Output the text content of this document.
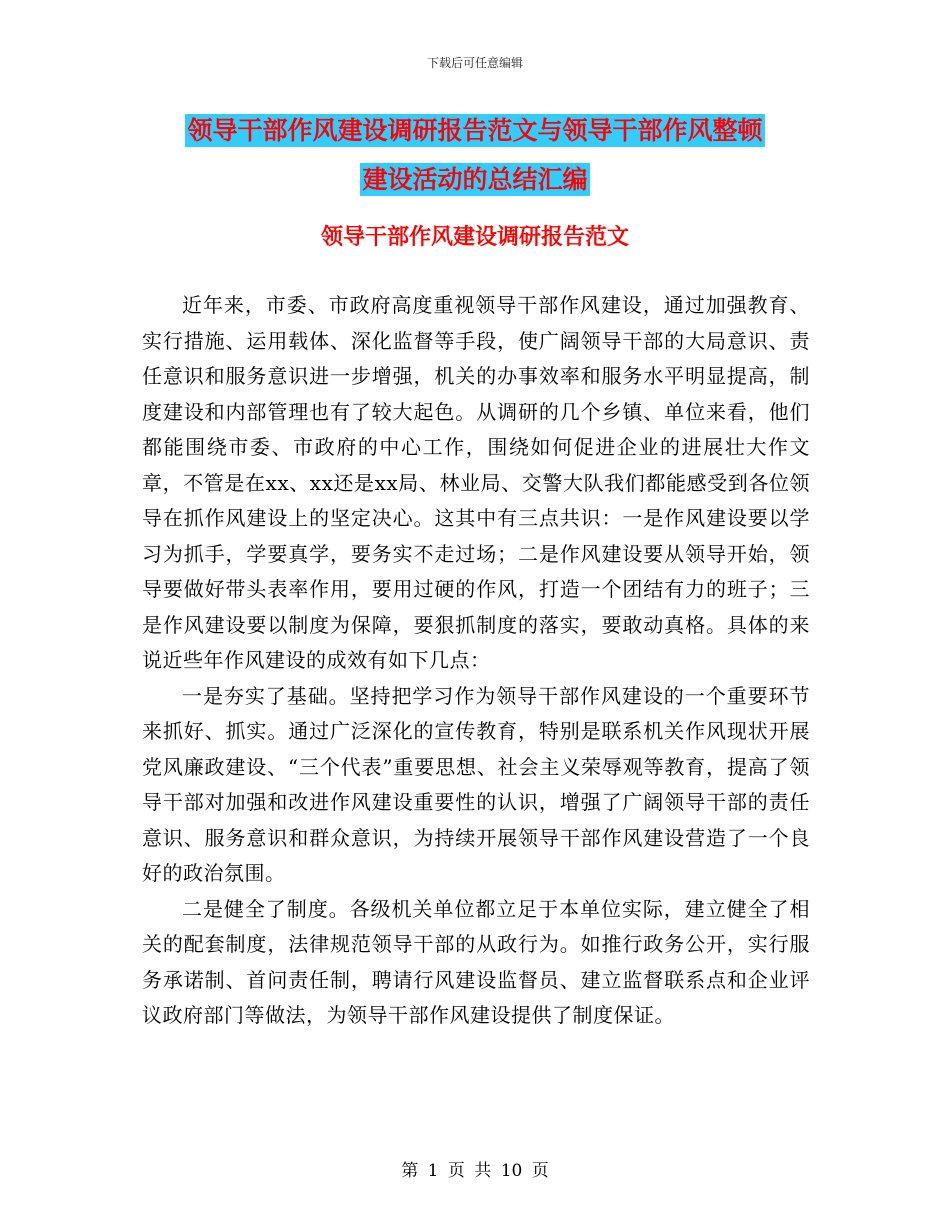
下载后可任意编辑
领导干部作风建设调研报告范文与领导干部作风整顿
建设活动的总结汇编
领导干部作风建设调研报告范文

近年来，市委、市政府高度重视领导干部作风建设，通过加强教育、实行措施、运用载体、深化监督等手段，使广阔领导干部的大局意识、责任意识和服务意识进一步增强，机关的办事效率和服务水平明显提高，制度建设和内部管理也有了较大起色。从调研的几个乡镇、单位来看，他们都能围绕市委、市政府的中心工作，围绕如何促进企业的进展壮大作文章，不管是在xx、xx还是xx局、林业局、交警大队我们都能感受到各位领导在抓作风建设上的坚定决心。这其中有三点共识：一是作风建设要以学习为抓手，学要真学，要务实不走过场；二是作风建设要从领导开始，领导要做好带头表率作用，要用过硬的作风，打造一个团结有力的班子；三是作风建设要以制度为保障，要狠抓制度的落实，要敢动真格。具体的来说近些年作风建设的成效有如下几点：

一是夯实了基础。坚持把学习作为领导干部作风建设的一个重要环节来抓好、抓实。通过广泛深化的宣传教育，特别是联系机关作风现状开展党风廉政建设、“三个代表”重要思想、社会主义荣辱观等教育，提高了领导干部对加强和改进作风建设重要性的认识，增强了广阔领导干部的责任意识、服务意识和群众意识，为持续开展领导干部作风建设营造了一个良好的政治氛围。

二是健全了制度。各级机关单位都立足于本单位实际，建立健全了相关的配套制度，法律规范领导干部的从政行为。如推行政务公开，实行服务承诺制、首问责任制，聘请行风建设监督员、建立监督联系点和企业评议政府部门等做法，为领导干部作风建设提供了制度保证。

第 1 页 共 10 页
